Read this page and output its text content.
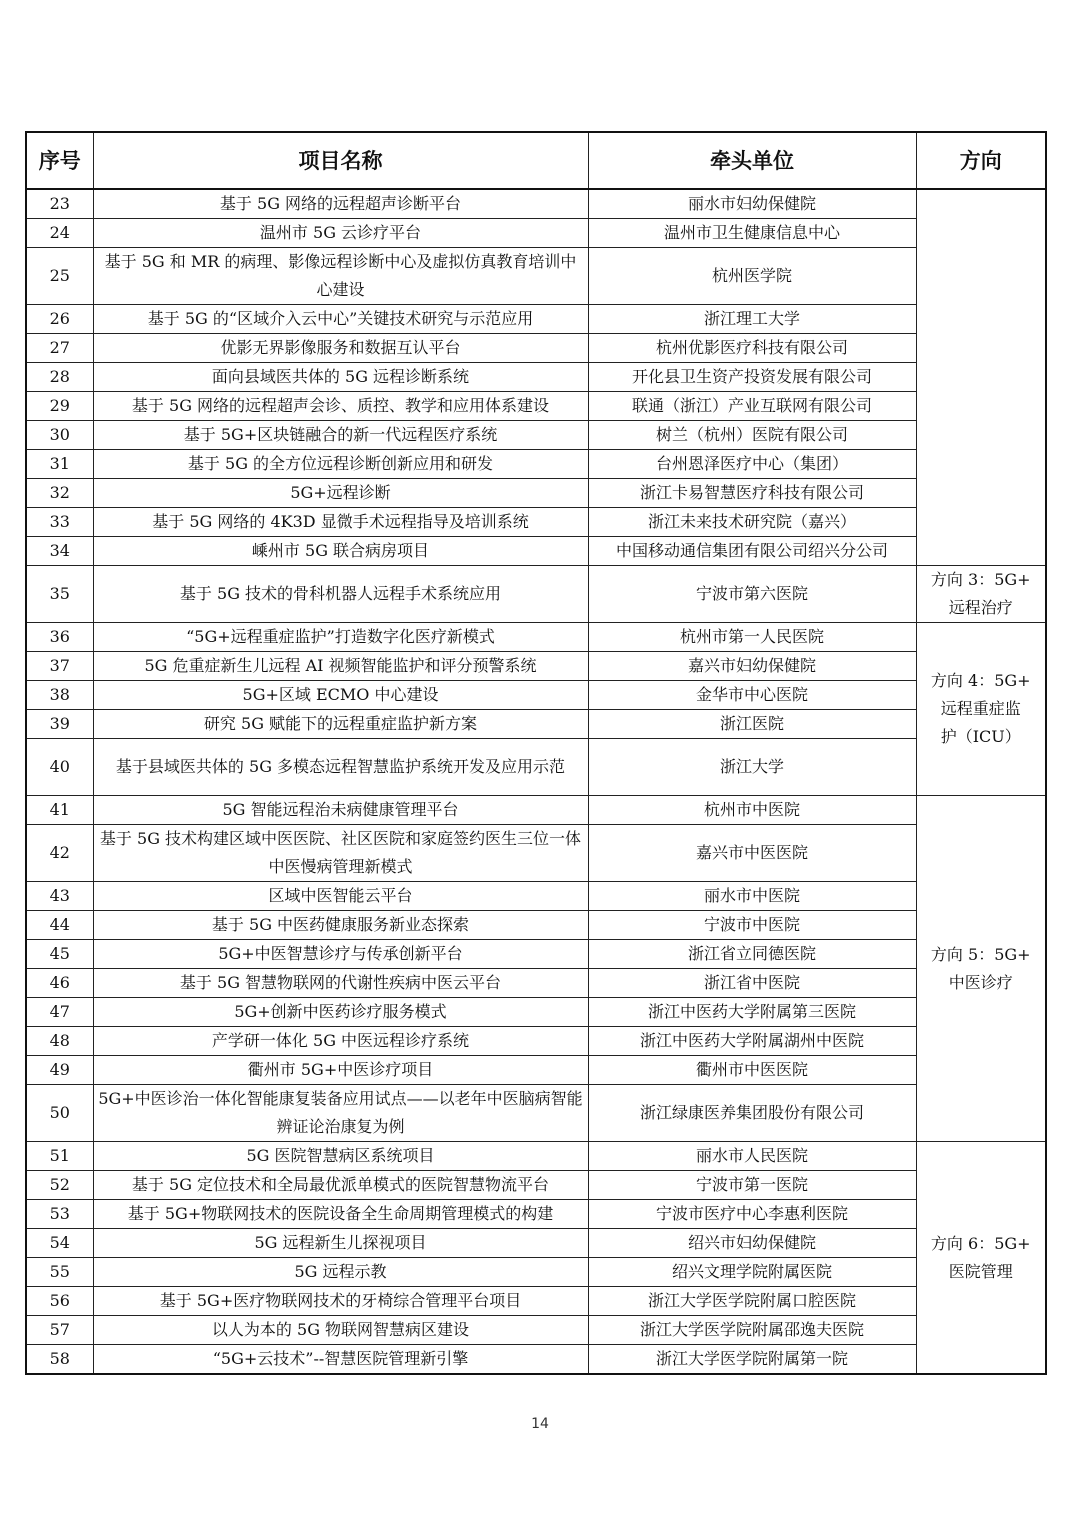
序号	项目名称	牵头单位	方向
23	基于 5G 网络的远程超声诊断平台	丽水市妇幼保健院	
24	温州市 5G 云诊疗平台	温州市卫生健康信息中心	
25	基于 5G 和 MR 的病理、影像远程诊断中心及虚拟仿真教育培训中心建设	杭州医学院	
26	基于 5G 的“区域介入云中心”关键技术研究与示范应用	浙江理工大学	
27	优影无界影像服务和数据互认平台	杭州优影医疗科技有限公司	
28	面向县域医共体的 5G 远程诊断系统	开化县卫生资产投资发展有限公司	
29	基于 5G 网络的远程超声会诊、质控、教学和应用体系建设	联通（浙江）产业互联网有限公司	
30	基于 5G+区块链融合的新一代远程医疗系统	树兰（杭州）医院有限公司	
31	基于 5G 的全方位远程诊断创新应用和研发	台州恩泽医疗中心（集团）	
32	5G+远程诊断	浙江卡易智慧医疗科技有限公司	
33	基于 5G 网络的 4K3D 显微手术远程指导及培训系统	浙江未来技术研究院（嘉兴）	
34	嵊州市 5G 联合病房项目	中国移动通信集团有限公司绍兴分公司	
35	基于 5G 技术的骨科机器人远程手术系统应用	宁波市第六医院	方向 3：5G+
远程治疗

36	“5G+远程重症监护”打造数字化医疗新模式	杭州市第一人民医院	方向 4：5G+
远程重症监
护（ICU）

37	5G 危重症新生儿远程 AI 视频智能监护和评分预警系统	嘉兴市妇幼保健院	
38	5G+区域 ECMO 中心建设	金华市中心医院	
39	研究 5G 赋能下的远程重症监护新方案	浙江医院	
40	基于县域医共体的 5G 多模态远程智慧监护系统开发及应用示范	浙江大学	
41	5G 智能远程治未病健康管理平台	杭州市中医院	方向 5：5G+
中医诊疗

42	基于 5G 技术构建区域中医医院、社区医院和家庭签约医生三位一体中医慢病管理新模式	嘉兴市中医医院	
43	区域中医智能云平台	丽水市中医院	
44	基于 5G 中医药健康服务新业态探索	宁波市中医院	
45	5G+中医智慧诊疗与传承创新平台	浙江省立同德医院	
46	基于 5G 智慧物联网的代谢性疾病中医云平台	浙江省中医院	
47	5G+创新中医药诊疗服务模式	浙江中医药大学附属第三医院	
48	产学研一体化 5G 中医远程诊疗系统	浙江中医药大学附属湖州中医院	
49	衢州市 5G+中医诊疗项目	衢州市中医医院	
50	5G+中医诊治一体化智能康复装备应用试点——以老年中医脑病智能辨证论治康复为例	浙江绿康医养集团股份有限公司	
51	5G 医院智慧病区系统项目	丽水市人民医院	方向 6：5G+
医院管理

52	基于 5G 定位技术和全局最优派单模式的医院智慧物流平台	宁波市第一医院	
53	基于 5G+物联网技术的医院设备全生命周期管理模式的构建	宁波市医疗中心李惠利医院	
54	5G 远程新生儿探视项目	绍兴市妇幼保健院	
55	5G 远程示教	绍兴文理学院附属医院	
56	基于 5G+医疗物联网技术的牙椅综合管理平台项目	浙江大学医学院附属口腔医院	
57	以人为本的 5G 物联网智慧病区建设	浙江大学医学院附属邵逸夫医院	
58	“5G+云技术”--智慧医院管理新引擎	浙江大学医学院附属第一院	
14
